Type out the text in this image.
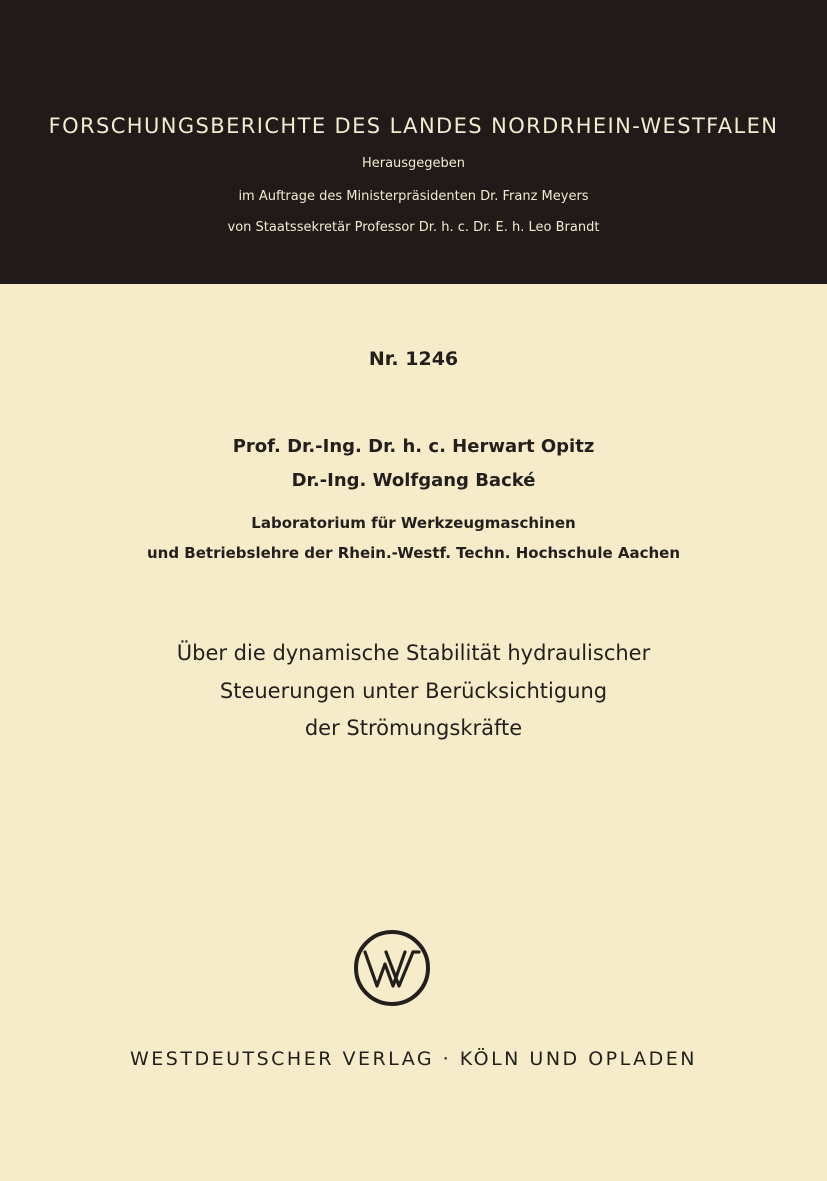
FORSCHUNGSBERICHTE DES LANDES NORDRHEIN-WESTFALEN
Herausgegeben
im Auftrage des Ministerpräsidenten Dr. Franz Meyers
von Staatssekretär Professor Dr. h. c. Dr. E. h. Leo Brandt
Nr. 1246
Prof. Dr.-Ing. Dr. h. c. Herwart Opitz
Dr.-Ing. Wolfgang Backé
Laboratorium für Werkzeugmaschinen
und Betriebslehre der Rhein.-Westf. Techn. Hochschule Aachen
Über die dynamische Stabilität hydraulischer
Steuerungen unter Berücksichtigung
der Strömungskräfte
WESTDEUTSCHER VERLAG · KÖLN UND OPLADEN
